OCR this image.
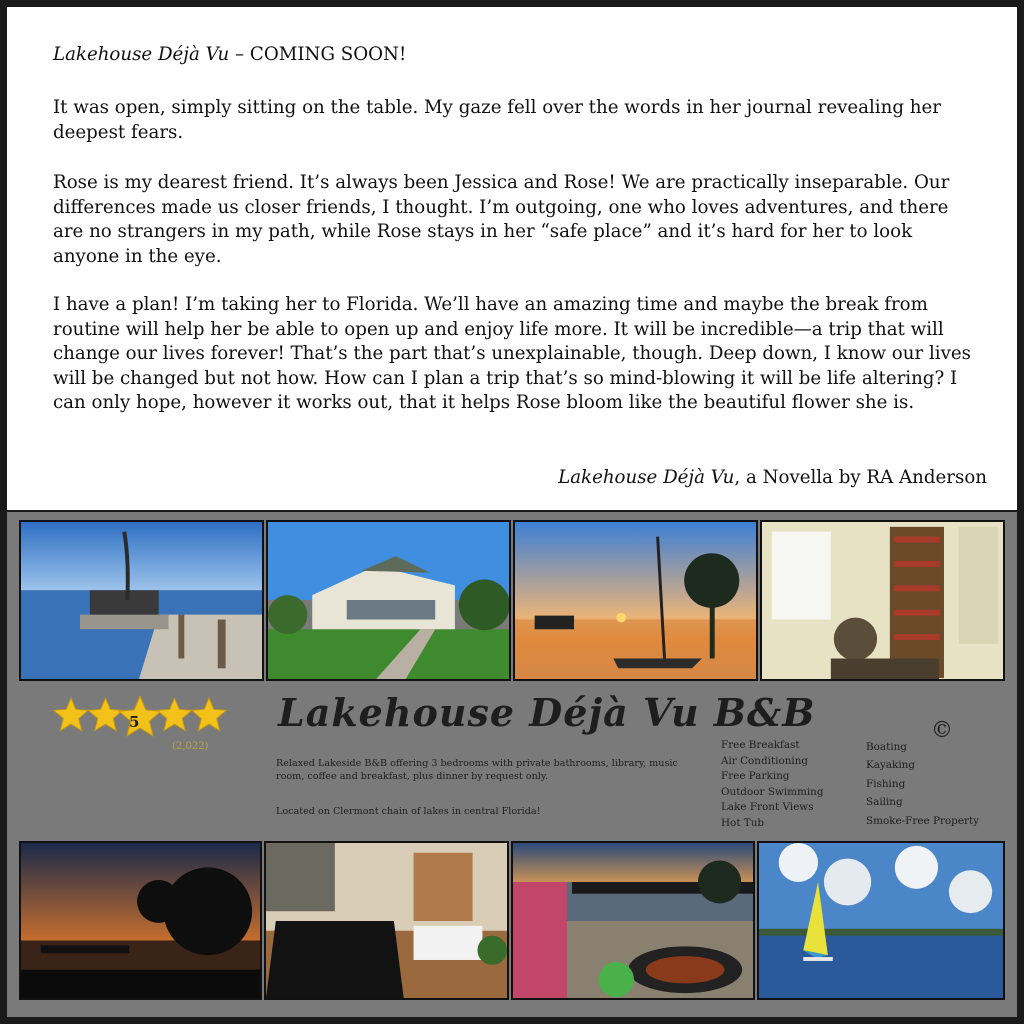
Lakehouse Déjà Vu – COMING SOON!

It was open, simply sitting on the table. My gaze fell over the words in her journal revealing her deepest fears.

Rose is my dearest friend. It’s always been Jessica and Rose! We are practically inseparable. Our differences made us closer friends, I thought. I’m outgoing, one who loves adventures, and there are no strangers in my path, while Rose stays in her “safe place” and it’s hard for her to look anyone in the eye.

I have a plan! I’m taking her to Florida. We’ll have an amazing time and maybe the break from routine will help her be able to open up and enjoy life more. It will be incredible—a trip that will change our lives forever! That’s the part that’s unexplainable, though. Deep down, I know our lives will be changed but not how. How can I plan a trip that’s so mind-blowing it will be life altering? I can only hope, however it works out, that it helps Rose bloom like the beautiful flower she is.

Lakehouse Déjà Vu, a Novella by RA Anderson
5
(2,022)
Lakehouse Déjà Vu B&B	©
Relaxed Lakeside B&B offering 3 bedrooms with private bathrooms, library, music room, coffee and breakfast, plus dinner by request only.
Located on Clermont chain of lakes in central Florida!
Free Breakfast
Air Conditioning
Free Parking
Outdoor Swimming
Lake Front Views
Hot Tub
Boating
Kayaking
Fishing
Sailing
Smoke-Free Property
